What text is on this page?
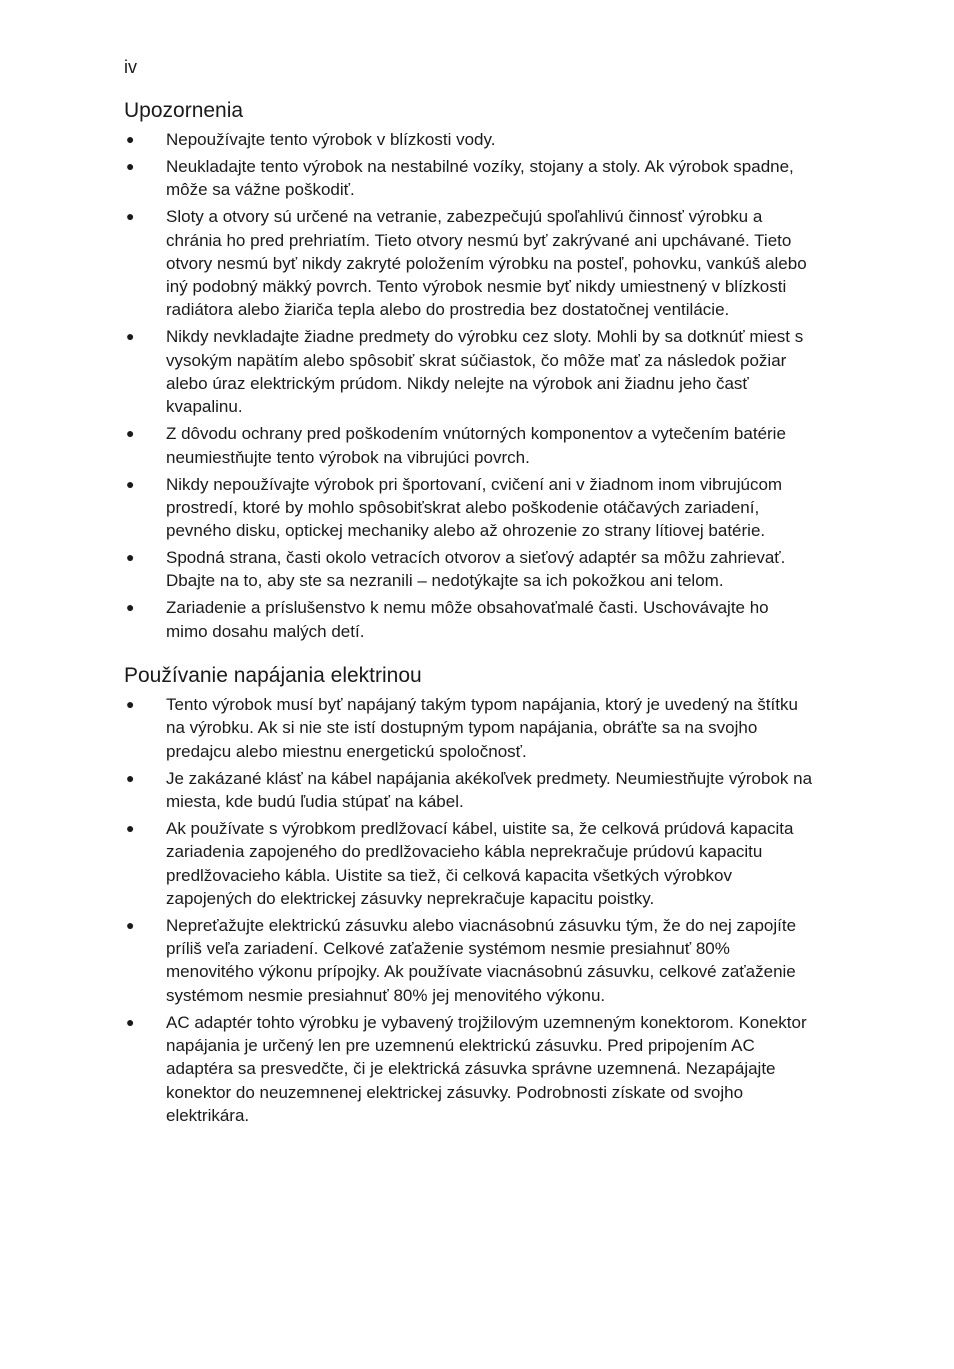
iv
Upozornenia
● Nepoužívajte tento výrobok v blízkosti vody.
● Neukladajte tento výrobok na nestabilné vozíky, stojany a stoly. Ak výrobok spadne, môže sa vážne poškodiť.
● Sloty a otvory sú určené na vetranie, zabezpečujú spoľahlivú činnosť výrobku a chránia ho pred prehriatím. Tieto otvory nesmú byť zakrývané ani upchávané. Tieto otvory nesmú byť nikdy zakryté položením výrobku na posteľ, pohovku, vankúš alebo iný podobný mäkký povrch. Tento výrobok nesmie byť nikdy umiestnený v blízkosti radiátora alebo žiariča tepla alebo do prostredia bez dostatočnej ventilácie.
● Nikdy nevkladajte žiadne predmety do výrobku cez sloty. Mohli by sa dotknúť miest s vysokým napätím alebo spôsobiť skrat súčiastok, čo môže mať za následok požiar alebo úraz elektrickým prúdom. Nikdy nelejte na výrobok ani žiadnu jeho časť kvapalinu.
● Z dôvodu ochrany pred poškodením vnútorných komponentov a vytečením batérie neumiestňujte tento výrobok na vibrujúci povrch.
● Nikdy nepoužívajte výrobok pri športovaní, cvičení ani v žiadnom inom vibrujúcom prostredí, ktoré by mohlo spôsobiťskrat alebo poškodenie otáčavých zariadení, pevného disku, optickej mechaniky alebo až ohrozenie zo strany lítiovej batérie.
● Spodná strana, časti okolo vetracích otvorov a sieťový adaptér sa môžu zahrievať. Dbajte na to, aby ste sa nezranili – nedotýkajte sa ich pokožkou ani telom.
● Zariadenie a príslušenstvo k nemu môže obsahovaťmalé časti. Uschovávajte ho mimo dosahu malých detí.
Používanie napájania elektrinou
● Tento výrobok musí byť napájaný takým typom napájania, ktorý je uvedený na štítku na výrobku. Ak si nie ste istí dostupným typom napájania, obráťte sa na svojho predajcu alebo miestnu energetickú spoločnosť.
● Je zakázané klásť na kábel napájania akékoľvek predmety. Neumiestňujte výrobok na miesta, kde budú ľudia stúpať na kábel.
● Ak používate s výrobkom predlžovací kábel, uistite sa, že celková prúdová kapacita zariadenia zapojeného do predlžovacieho kábla neprekračuje prúdovú kapacitu predlžovacieho kábla. Uistite sa tiež, či celková kapacita všetkých výrobkov zapojených do elektrickej zásuvky neprekračuje kapacitu poistky.
● Nepreťažujte elektrickú zásuvku alebo viacnásobnú zásuvku tým, že do nej zapojíte príliš veľa zariadení. Celkové zaťaženie systémom nesmie presiahnuť 80% menovitého výkonu prípojky. Ak používate viacnásobnú zásuvku, celkové zaťaženie systémom nesmie presiahnuť 80% jej menovitého výkonu.
● AC adaptér tohto výrobku je vybavený trojžilovým uzemneným konektorom. Konektor napájania je určený len pre uzemnenú elektrickú zásuvku. Pred pripojením AC adaptéra sa presvedčte, či je elektrická zásuvka správne uzemnená. Nezapájajte konektor do neuzemnenej elektrickej zásuvky. Podrobnosti získate od svojho elektrikára.
